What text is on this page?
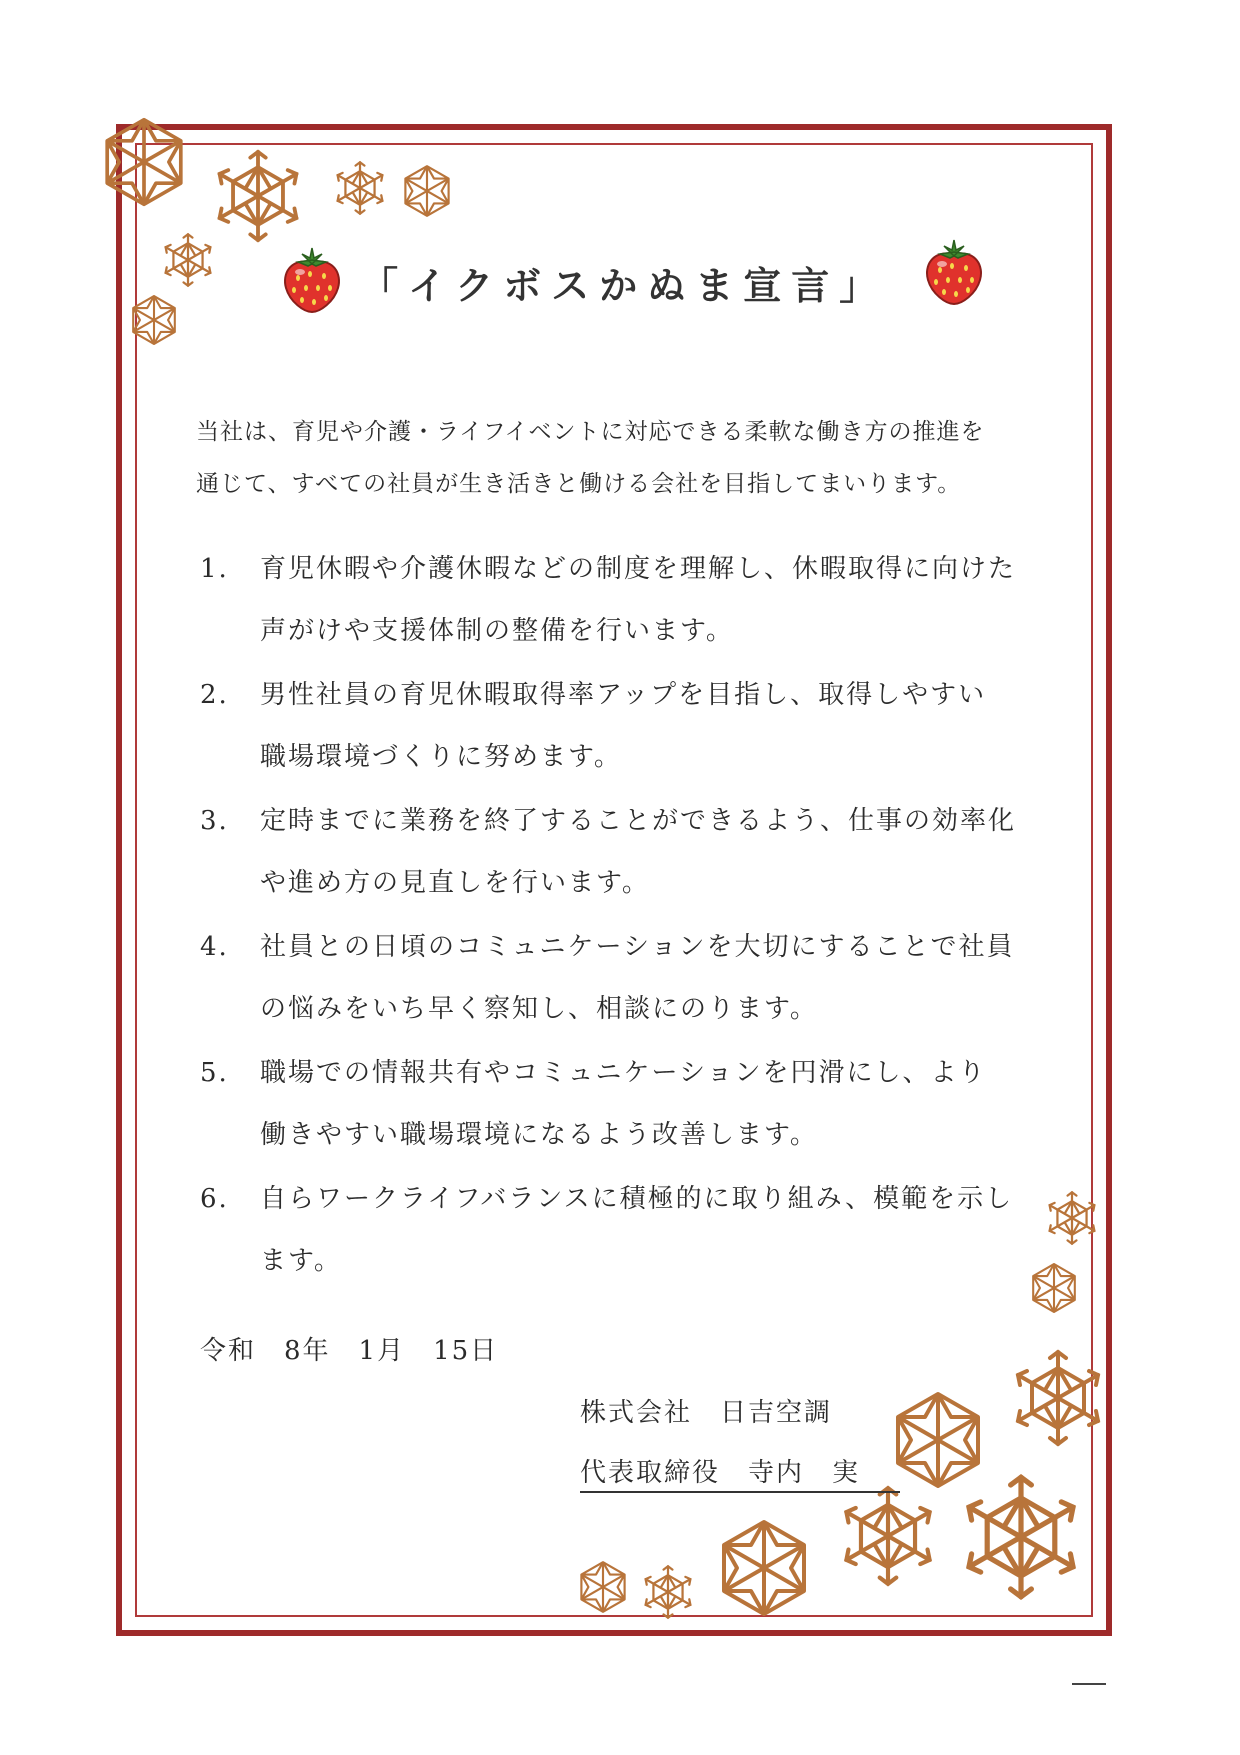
「イクボスかぬま宣言」
当社は、育児や介護・ライフイベントに対応できる柔軟な働き方の推進を
通じて、すべての社員が生き活きと働ける会社を目指してまいります。
1. 育児休暇や介護休暇などの制度を理解し、休暇取得に向けた
声がけや支援体制の整備を行います。
2. 男性社員の育児休暇取得率アップを目指し、取得しやすい
職場環境づくりに努めます。
3. 定時までに業務を終了することができるよう、仕事の効率化
や進め方の見直しを行います。
4. 社員との日頃のコミュニケーションを大切にすることで社員
の悩みをいち早く察知し、相談にのります。
5. 職場での情報共有やコミュニケーションを円滑にし、より
働きやすい職場環境になるよう改善します。
6. 自らワークライフバランスに積極的に取り組み、模範を示し
ます。
令和　8年　1月　15日
株式会社　日吉空調
代表取締役　寺内　実
